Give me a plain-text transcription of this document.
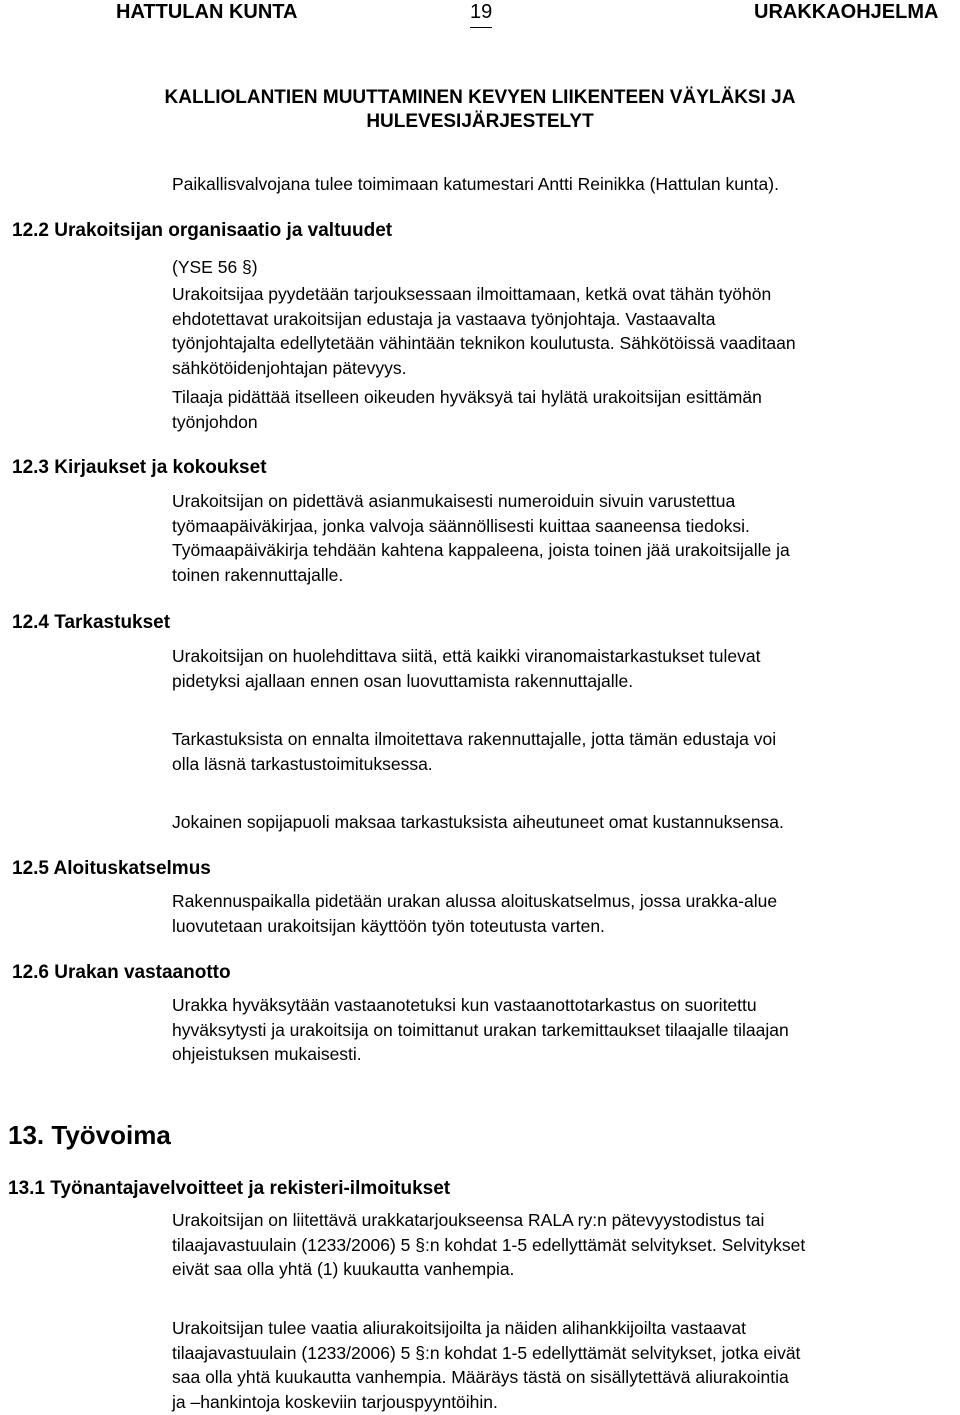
HATTULAN KUNTA	19	URAKKAOHJELMA
KALLIOLANTIEN MUUTTAMINEN KEVYEN LIIKENTEEN VÄYLÄKSI JA
HULEVESIJÄRJESTELYT
Paikallisvalvojana tulee toimimaan katumestari Antti Reinikka (Hattulan kunta).
12.2 Urakoitsijan organisaatio ja valtuudet
(YSE 56 §)
Urakoitsijaa pyydetään tarjouksessaan ilmoittamaan, ketkä ovat tähän työhön
ehdotettavat urakoitsijan edustaja ja vastaava työnjohtaja. Vastaavalta
työnjohtajalta edellytetään vähintään teknikon koulutusta. Sähkötöissä vaaditaan
sähkötöidenjohtajan pätevyys.
Tilaaja pidättää itselleen oikeuden hyväksyä tai hylätä urakoitsijan esittämän
työnjohdon
12.3 Kirjaukset ja kokoukset
Urakoitsijan on pidettävä asianmukaisesti numeroiduin sivuin varustettua
työmaapäiväkirjaa, jonka valvoja säännöllisesti kuittaa saaneensa tiedoksi.
Työmaapäiväkirja tehdään kahtena kappaleena, joista toinen jää urakoitsijalle ja
toinen rakennuttajalle.
12.4 Tarkastukset
Urakoitsijan on huolehdittava siitä, että kaikki viranomaistarkastukset tulevat
pidetyksi ajallaan ennen osan luovuttamista rakennuttajalle.
Tarkastuksista on ennalta ilmoitettava rakennuttajalle, jotta tämän edustaja voi
olla läsnä tarkastustoimituksessa.
Jokainen sopijapuoli maksaa tarkastuksista aiheutuneet omat kustannuksensa.
12.5 Aloituskatselmus
Rakennuspaikalla pidetään urakan alussa aloituskatselmus, jossa urakka-alue
luovutetaan urakoitsijan käyttöön työn toteutusta varten.
12.6 Urakan vastaanotto
Urakka hyväksytään vastaanotetuksi kun vastaanottotarkastus on suoritettu
hyväksytysti ja urakoitsija on toimittanut urakan tarkemittaukset tilaajalle tilaajan
ohjeistuksen mukaisesti.
13. Työvoima
13.1 Työnantajavelvoitteet ja rekisteri-ilmoitukset
Urakoitsijan on liitettävä urakkatarjoukseensa RALA ry:n pätevyystodistus tai
tilaajavastuulain (1233/2006) 5 §:n kohdat 1-5 edellyttämät selvitykset. Selvitykset
eivät saa olla yhtä (1) kuukautta vanhempia.
Urakoitsijan tulee vaatia aliurakoitsijoilta ja näiden alihankkijoilta vastaavat
tilaajavastuulain (1233/2006) 5 §:n kohdat 1-5 edellyttämät selvitykset, jotka eivät
saa olla yhtä kuukautta vanhempia. Määräys tästä on sisällytettävä aliurakointia
ja –hankintoja koskeviin tarjouspyyntöihin.
